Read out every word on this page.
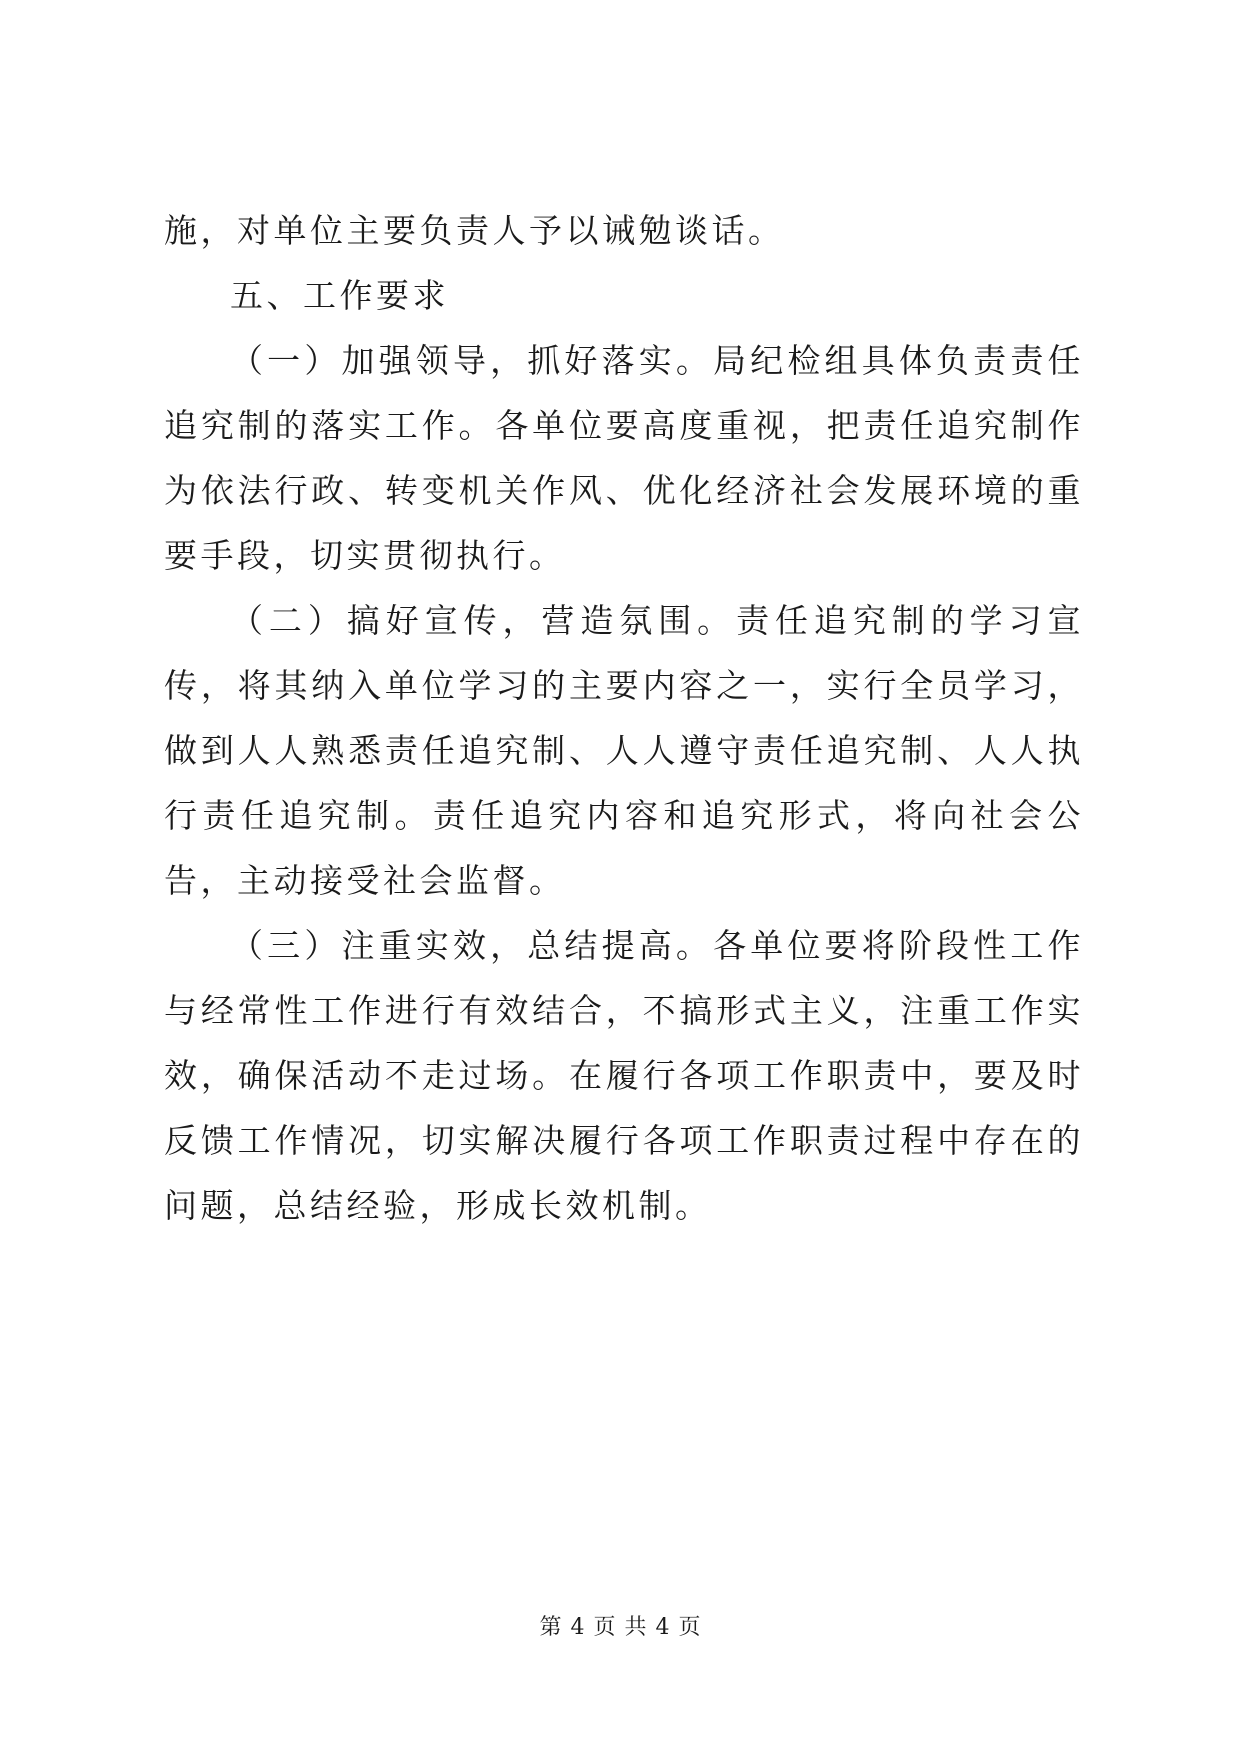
施，对单位主要负责人予以诫勉谈话。

五、工作要求

（一）加强领导，抓好落实。局纪检组具体负责责任追究制的落实工作。各单位要高度重视，把责任追究制作为依法行政、转变机关作风、优化经济社会发展环境的重要手段，切实贯彻执行。

（二）搞好宣传，营造氛围。责任追究制的学习宣传，将其纳入单位学习的主要内容之一，实行全员学习，做到人人熟悉责任追究制、人人遵守责任追究制、人人执行责任追究制。责任追究内容和追究形式，将向社会公告，主动接受社会监督。

（三）注重实效，总结提高。各单位要将阶段性工作与经常性工作进行有效结合，不搞形式主义，注重工作实效，确保活动不走过场。在履行各项工作职责中，要及时反馈工作情况，切实解决履行各项工作职责过程中存在的问题，总结经验，形成长效机制。

第 4 页 共 4 页
